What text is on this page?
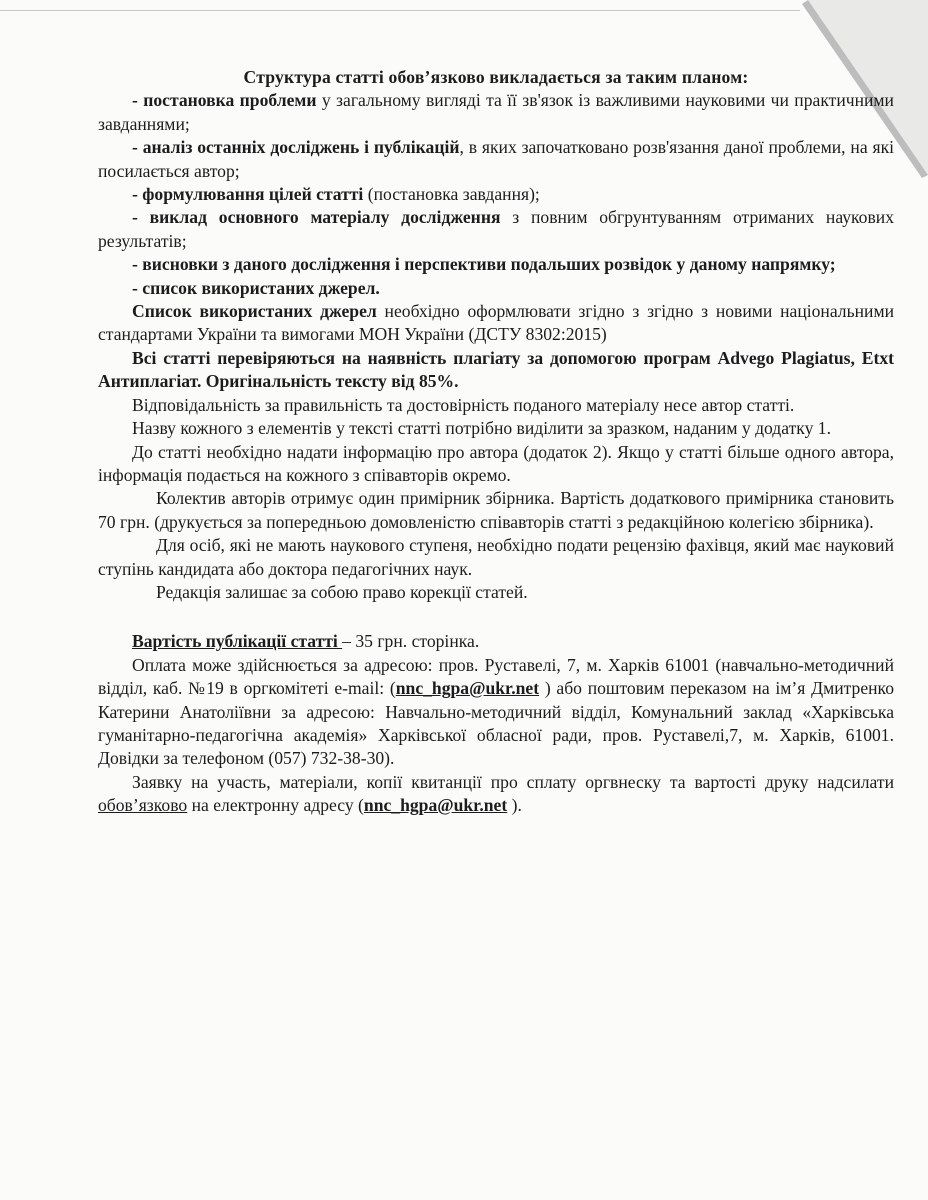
Структура статті обов’язково викладається за таким планом:

- постановка проблеми у загальному вигляді та її зв'язок із важливими науковими чи практичними завданнями;

- аналіз останніх досліджень і публікацій, в яких започатковано розв'язання даної проблеми, на які посилається автор;

- формулювання цілей статті (постановка завдання);

- виклад основного матеріалу дослідження з повним обгрунтуванням отриманих наукових результатів;

- висновки з даного дослідження і перспективи подальших розвідок у даному напрямку;

- список використаних джерел.

Список використаних джерел необхідно оформлювати згідно з згідно з новими національними стандартами України та вимогами МОН України (ДСТУ 8302:2015)

Всі статті перевіряються на наявність плагіату за допомогою програм Advego Plagiatus, Etxt Антиплагіат. Оригінальність тексту від 85%.

Відповідальність за правильність та достовірність поданого матеріалу несе автор статті.

Назву кожного з елементів у тексті статті потрібно виділити за зразком, наданим у додатку 1.

До статті необхідно надати інформацію про автора (додаток 2). Якщо у статті більше одного автора, інформація подається на кожного з співавторів окремо.

Колектив авторів отримує один примірник збірника. Вартість додаткового примірника становить 70 грн. (друкується за попередньою домовленістю співавторів статті з редакційною колегією збірника).

Для осіб, які не мають наукового ступеня, необхідно подати рецензію фахівця, який має науковий ступінь кандидата або доктора педагогічних наук.

Редакція залишає за собою право корекції статей.

Вартість публікації статті – 35 грн. сторінка.

Оплата може здійснюється за адресою: пров. Руставелі, 7, м. Харків 61001 (навчально-методичний відділ, каб. №19 в оргкомітеті e-mail: (nnc_hgpa@ukr.net ) або поштовим переказом на ім’я Дмитренко Катерини Анатоліївни за адресою: Навчально-методичний відділ, Комунальний заклад «Харківська гуманітарно-педагогічна академія» Харківської обласної ради, пров. Руставелі,7, м. Харків, 61001. Довідки за телефоном (057) 732-38-30).

Заявку на участь, матеріали, копії квитанції про сплату оргвнеску та вартості друку надсилати обов’язково на електронну адресу (nnc_hgpa@ukr.net ).
